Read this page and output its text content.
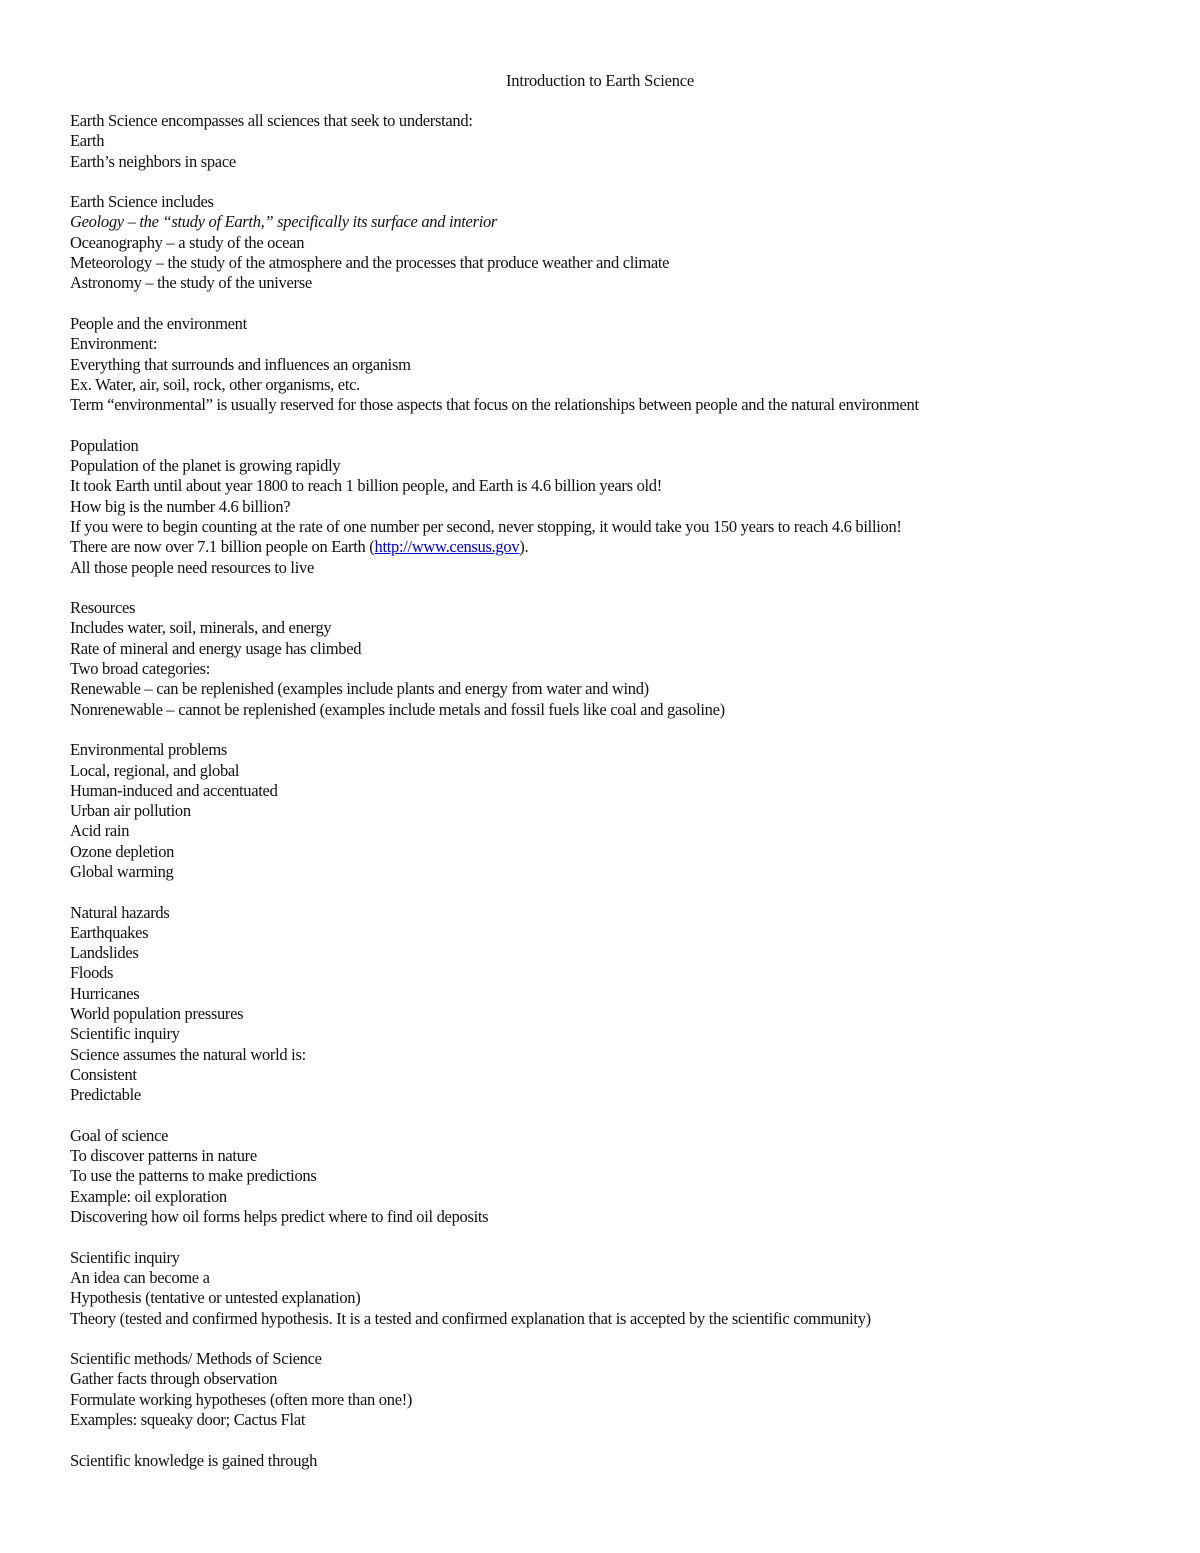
Introduction to Earth Science
Earth Science encompasses all sciences that seek to understand:
Earth
Earth’s neighbors in space
Earth Science includes
Geology – the “study of Earth,” specifically its surface and interior
Oceanography – a study of the ocean
Meteorology – the study of the atmosphere and the processes that produce weather and climate
Astronomy – the study of the universe
People and the environment
Environment:
Everything that surrounds and influences an organism
Ex. Water, air, soil, rock, other organisms, etc.
Term “environmental” is usually reserved for those aspects that focus on the relationships between people and the natural environment
Population
Population of the planet is growing rapidly
It took Earth until about year 1800 to reach 1 billion people, and Earth is 4.6 billion years old!
How big is the number 4.6 billion?
If you were to begin counting at the rate of one number per second, never stopping, it would take you 150 years to reach 4.6 billion!
There are now over 7.1 billion people on Earth (http://www.census.gov).
All those people need resources to live
Resources
Includes water, soil, minerals, and energy
Rate of mineral and energy usage has climbed
Two broad categories:
Renewable – can be replenished (examples include plants and energy from water and wind)
Nonrenewable – cannot be replenished (examples include metals and fossil fuels like coal and gasoline)
Environmental problems
Local, regional, and global
Human-induced and accentuated
Urban air pollution
Acid rain
Ozone depletion
Global warming
Natural hazards
Earthquakes
Landslides
Floods
Hurricanes
World population pressures
Scientific inquiry
Science assumes the natural world is:
Consistent
Predictable
Goal of science
To discover patterns in nature
To use the patterns to make predictions
Example: oil exploration
Discovering how oil forms helps predict where to find oil deposits
Scientific inquiry
An idea can become a
Hypothesis (tentative or untested explanation)
Theory (tested and confirmed hypothesis. It is a tested and confirmed explanation that is accepted by the scientific community)
Scientific methods/ Methods of Science
Gather facts through observation
Formulate working hypotheses (often more than one!)
Examples: squeaky door; Cactus Flat
Scientific knowledge is gained through
